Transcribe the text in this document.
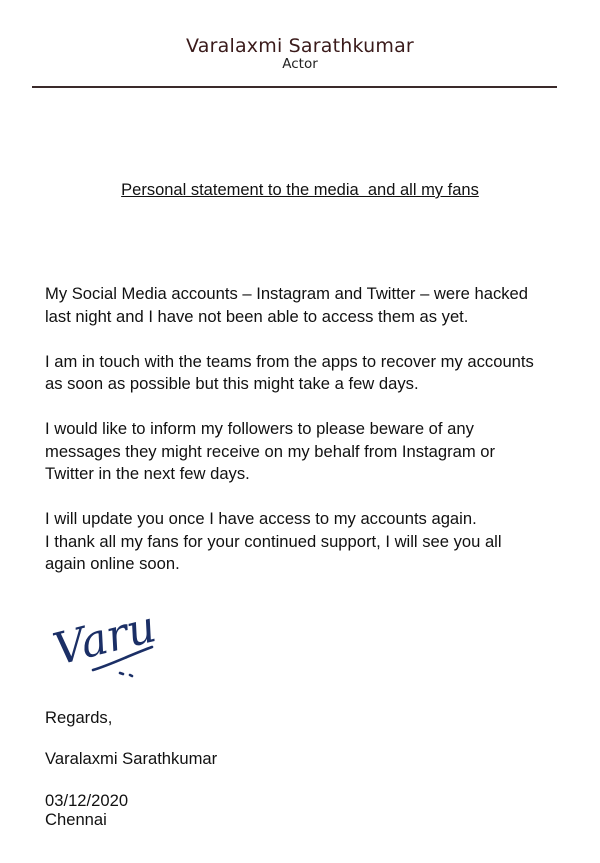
Varalaxmi Sarathkumar
Actor
Personal statement to the media  and all my fans

My Social Media accounts – Instagram and Twitter – were hacked
last night and I have not been able to access them as yet.

I am in touch with the teams from the apps to recover my accounts
as soon as possible but this might take a few days.

I would like to inform my followers to please beware of any
messages they might receive on my behalf from Instagram or
Twitter in the next few days.

I will update you once I have access to my accounts again.
I thank all my fans for your continued support, I will see you all
again online soon.

Varu
Regards,
Varalaxmi Sarathkumar
03/12/2020
Chennai
